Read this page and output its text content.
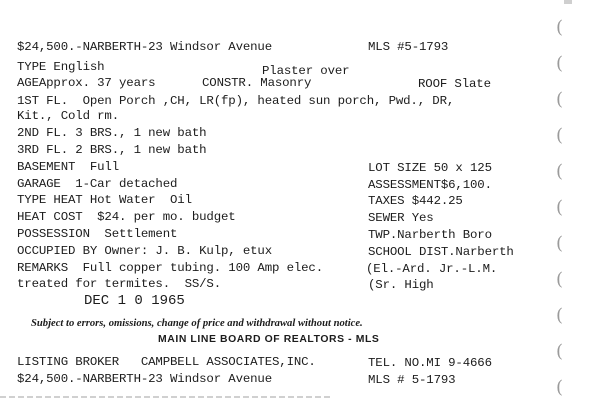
$24,500.-NARBERTH-23 Windsor Avenue	MLS #5-1793
TYPE English	Plaster over
AGEApprox. 37 years	CONSTR. Masonry	ROOF Slate
1ST FL.  Open Porch ,CH, LR(fp), heated sun porch, Pwd., DR,
Kit., Cold rm.
2ND FL. 3 BRS., 1 new bath
3RD FL. 2 BRS., 1 new bath
BASEMENT  Full	LOT SIZE 50 x 125
GARAGE  1-Car detached	ASSESSMENT$6,100.
TYPE HEAT Hot Water  Oil	TAXES $442.25
HEAT COST  $24. per mo. budget	SEWER Yes
POSSESSION  Settlement	TWP.Narberth Boro
OCCUPIED BY Owner: J. B. Kulp, etux	SCHOOL DIST.Narberth
REMARKS  Full copper tubing. 100 Amp elec.	(El.-Ard. Jr.-L.M.
treated for termites.  SS/S.	(Sr. High
DEC 1 0 1965
Subject to errors, omissions, change of price and withdrawal without notice.
MAIN LINE BOARD OF REALTORS - MLS
LISTING BROKER   CAMPBELL ASSOCIATES,INC.	TEL. NO.MI 9-4666
$24,500.-NARBERTH-23 Windsor Avenue	MLS # 5-1793
(
(
(
(
(
(
(
(
(
(
(
